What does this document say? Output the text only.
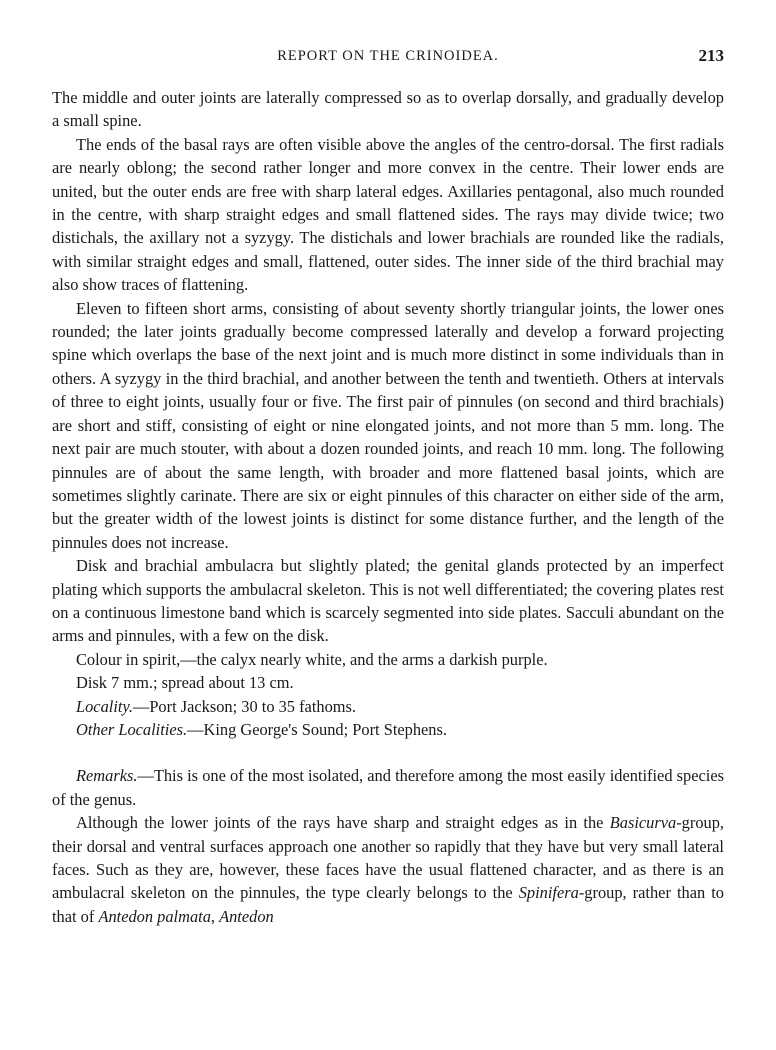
REPORT ON THE CRINOIDEA.	213

The middle and outer joints are laterally compressed so as to overlap dorsally, and gradually develop a small spine.

The ends of the basal rays are often visible above the angles of the centro-dorsal. The first radials are nearly oblong; the second rather longer and more convex in the centre. Their lower ends are united, but the outer ends are free with sharp lateral edges. Axillaries pentagonal, also much rounded in the centre, with sharp straight edges and small flattened sides. The rays may divide twice; two distichals, the axillary not a syzygy. The distichals and lower brachials are rounded like the radials, with similar straight edges and small, flattened, outer sides. The inner side of the third brachial may also show traces of flattening.

Eleven to fifteen short arms, consisting of about seventy shortly triangular joints, the lower ones rounded; the later joints gradually become compressed laterally and develop a forward projecting spine which overlaps the base of the next joint and is much more distinct in some individuals than in others. A syzygy in the third brachial, and another between the tenth and twentieth. Others at intervals of three to eight joints, usually four or five. The first pair of pinnules (on second and third brachials) are short and stiff, consisting of eight or nine elongated joints, and not more than 5 mm. long. The next pair are much stouter, with about a dozen rounded joints, and reach 10 mm. long. The following pinnules are of about the same length, with broader and more flattened basal joints, which are sometimes slightly carinate. There are six or eight pinnules of this character on either side of the arm, but the greater width of the lowest joints is distinct for some distance further, and the length of the pinnules does not increase.

Disk and brachial ambulacra but slightly plated; the genital glands protected by an imperfect plating which supports the ambulacral skeleton. This is not well differentiated; the covering plates rest on a continuous limestone band which is scarcely segmented into side plates. Sacculi abundant on the arms and pinnules, with a few on the disk.

Colour in spirit,—the calyx nearly white, and the arms a darkish purple.

Disk 7 mm.; spread about 13 cm.

Locality.—Port Jackson; 30 to 35 fathoms.

Other Localities.—King George's Sound; Port Stephens.

Remarks.—This is one of the most isolated, and therefore among the most easily identified species of the genus.

Although the lower joints of the rays have sharp and straight edges as in the Basicurva-group, their dorsal and ventral surfaces approach one another so rapidly that they have but very small lateral faces. Such as they are, however, these faces have the usual flattened character, and as there is an ambulacral skeleton on the pinnules, the type clearly belongs to the Spinifera-group, rather than to that of Antedon palmata, Antedon
